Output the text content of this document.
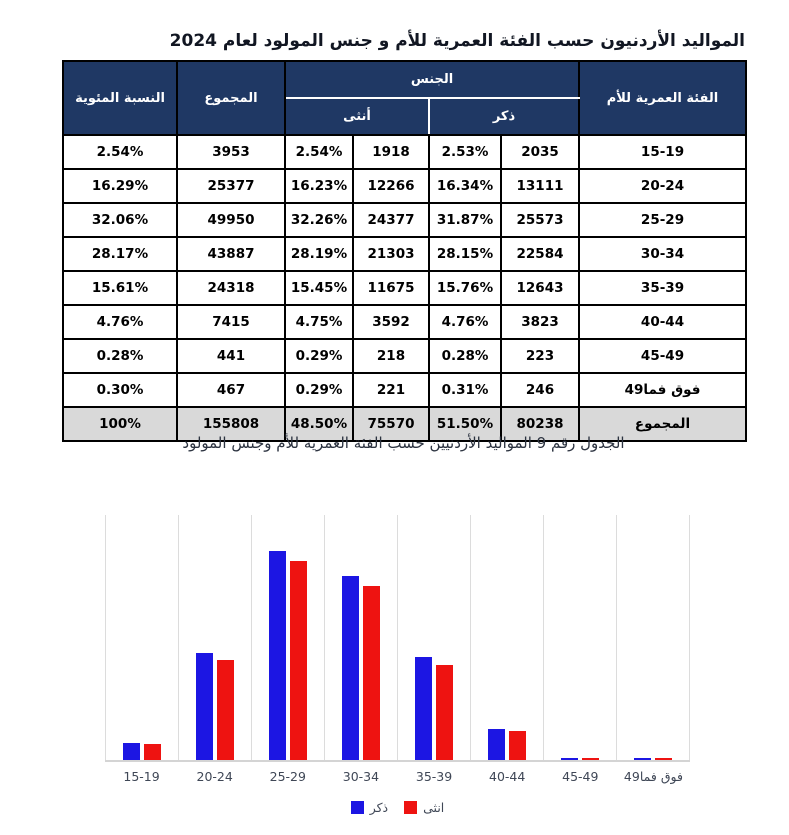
المواليد الأردنيون حسب الفئة العمرية للأم و جنس المولود لعام 2024
النسبة المئوية	المجموع	الجنس				الفئة العمرية للأم
		أنثى		ذكر		
2.54%	3953	2.54%	1918	2.53%	2035	15-19
16.29%	25377	16.23%	12266	16.34%	13111	20-24
32.06%	49950	32.26%	24377	31.87%	25573	25-29
28.17%	43887	28.19%	21303	28.15%	22584	30-34
15.61%	24318	15.45%	11675	15.76%	12643	35-39
4.76%	7415	4.75%	3592	4.76%	3823	40-44
0.28%	441	0.29%	218	0.28%	223	45-49
0.30%	467	0.29%	221	0.31%	246	49فما‎ فوق
100%	155808	48.50%	75570	51.50%	80238	المجموع
الجدول رقم 9 المواليد الأردنيين حسب الفئة العمرية للأم وجنس المولود
15-19	20-24	25-29	30-34	35-39	40-44	45-49	49فما‎ فوق
ذكر	انثى
